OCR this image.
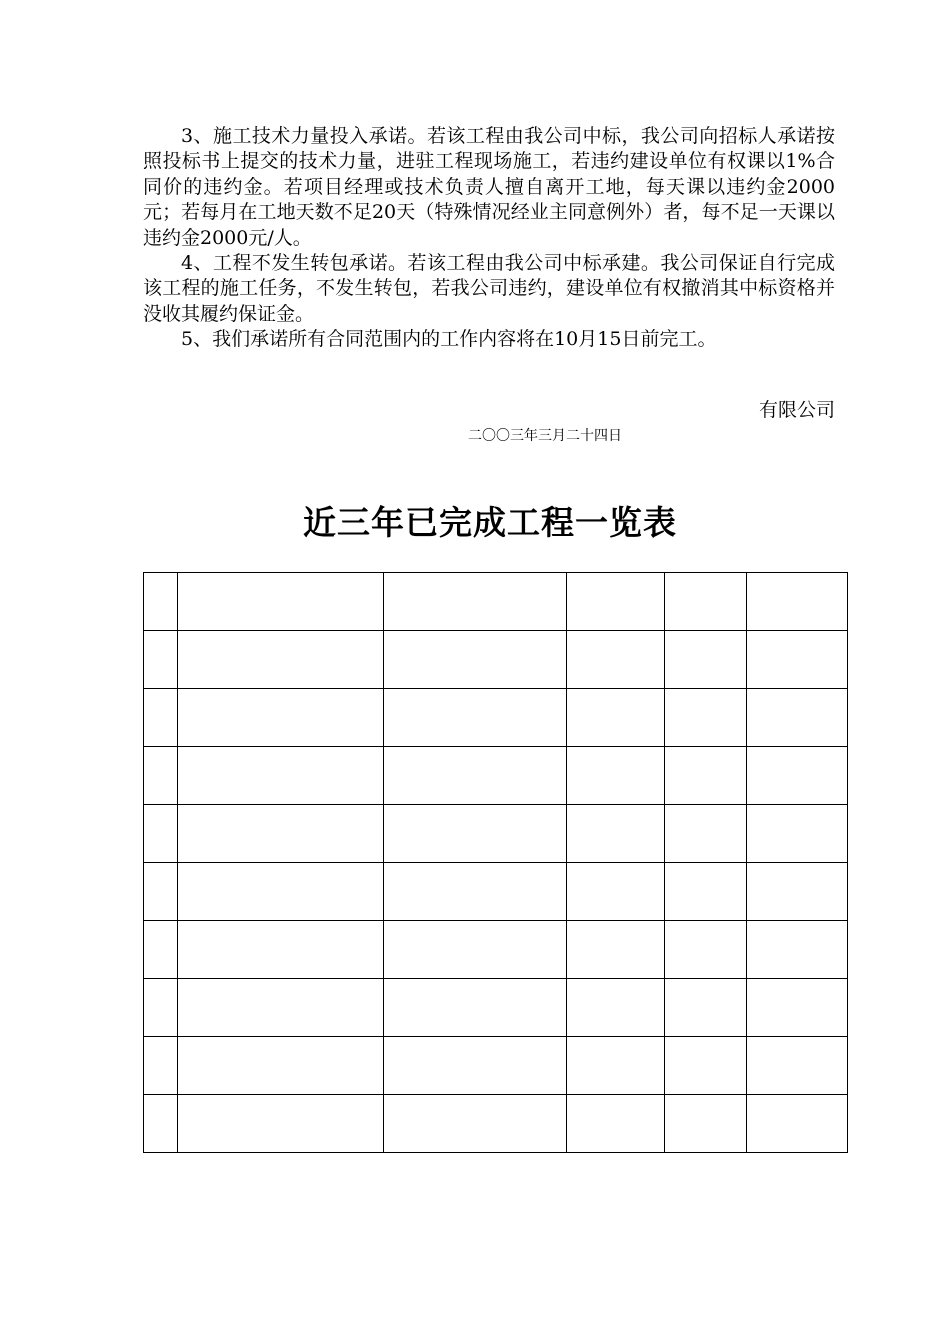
3、施工技术力量投入承诺。若该工程由我公司中标，我公司向招标人承诺按照投标书上提交的技术力量，进驻工程现场施工，若违约建设单位有权课以1%合同价的违约金。若项目经理或技术负责人擅自离开工地，每天课以违约金2000元；若每月在工地天数不足20天（特殊情况经业主同意例外）者，每不足一天课以违约金2000元/人。

4、工程不发生转包承诺。若该工程由我公司中标承建。我公司保证自行完成该工程的施工任务，不发生转包，若我公司违约，建设单位有权撤消其中标资格并没收其履约保证金。

5、我们承诺所有合同范围内的工作内容将在10月15日前完工。

有限公司
二〇〇三年三月二十四日
近三年已完成工程一览表
